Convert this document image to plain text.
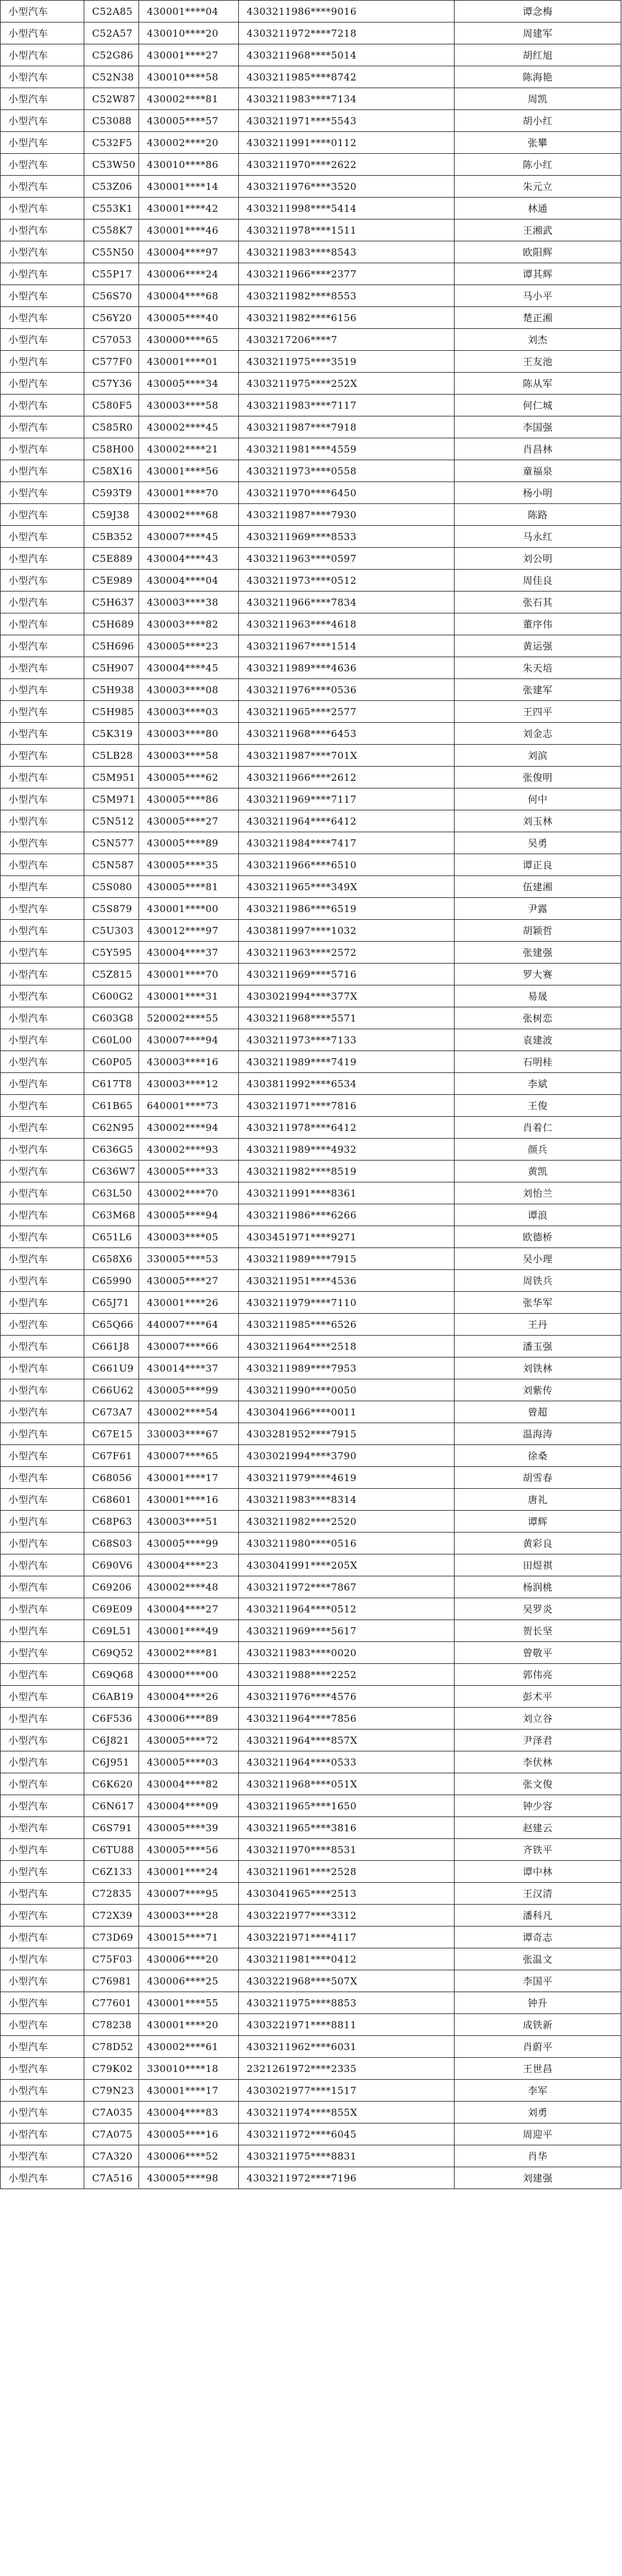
小型汽车	C52A85	430001****04	4303211986****9016	谭念梅
小型汽车	C52A57	430010****20	4303211972****7218	周建军
小型汽车	C52G86	430001****27	4303211968****5014	胡红旭
小型汽车	C52N38	430010****58	4303211985****8742	陈海艳
小型汽车	C52W87	430002****81	4303211983****7134	周凯
小型汽车	C53088	430005****57	4303211971****5543	胡小红
小型汽车	C532F5	430002****20	4303211991****0112	张攀
小型汽车	C53W50	430010****86	4303211970****2622	陈小红
小型汽车	C53Z06	430001****14	4303211976****3520	朱元立
小型汽车	C553K1	430001****42	4303211998****5414	林通
小型汽车	C558K7	430001****46	4303211978****1511	王湘武
小型汽车	C55N50	430004****97	4303211983****8543	欧阳辉
小型汽车	C55P17	430006****24	4303211966****2377	谭其辉
小型汽车	C56S70	430004****68	4303211982****8553	马小平
小型汽车	C56Y20	430005****40	4303211982****6156	楚正湘
小型汽车	C57053	430000****65	4303217206****7	刘杰
小型汽车	C577F0	430001****01	4303211975****3519	王友池
小型汽车	C57Y36	430005****34	4303211975****252X	陈从军
小型汽车	C580F5	430003****58	4303211983****7117	何仁城
小型汽车	C585R0	430002****45	4303211987****7918	李国强
小型汽车	C58H00	430002****21	4303211981****4559	肖昌林
小型汽车	C58X16	430001****56	4303211973****0558	童福泉
小型汽车	C593T9	430001****70	4303211970****6450	杨小明
小型汽车	C59J38	430002****68	4303211987****7930	陈路
小型汽车	C5B352	430007****45	4303211969****8533	马永红
小型汽车	C5E889	430004****43	4303211963****0597	刘公明
小型汽车	C5E989	430004****04	4303211973****0512	周佳良
小型汽车	C5H637	430003****38	4303211966****7834	张石其
小型汽车	C5H689	430003****82	4303211963****4618	董序伟
小型汽车	C5H696	430005****23	4303211967****1514	黄运强
小型汽车	C5H907	430004****45	4303211989****4636	朱天培
小型汽车	C5H938	430003****08	4303211976****0536	张建军
小型汽车	C5H985	430003****03	4303211965****2577	王四平
小型汽车	C5K319	430003****80	4303211968****6453	刘金志
小型汽车	C5LB28	430003****58	4303211987****701X	刘滨
小型汽车	C5M951	430005****62	4303211966****2612	张俊明
小型汽车	C5M971	430005****86	4303211969****7117	何中
小型汽车	C5N512	430005****27	4303211964****6412	刘玉林
小型汽车	C5N577	430005****89	4303211984****7417	吴勇
小型汽车	C5N587	430005****35	4303211966****6510	谭正良
小型汽车	C5S080	430005****81	4303211965****349X	伍建湘
小型汽车	C5S879	430001****00	4303211986****6519	尹露
小型汽车	C5U303	430012****97	4303811997****1032	胡颖哲
小型汽车	C5Y595	430004****37	4303211963****2572	张建强
小型汽车	C5Z815	430001****70	4303211969****5716	罗大赛
小型汽车	C600G2	430001****31	4303021994****377X	易晟
小型汽车	C603G8	520002****55	4303211968****5571	张树恋
小型汽车	C60L00	430007****94	4303211973****7133	袁建波
小型汽车	C60P05	430003****16	4303211989****7419	石明桂
小型汽车	C617T8	430003****12	4303811992****6534	李斌
小型汽车	C61B65	640001****73	4303211971****7816	王俊
小型汽车	C62N95	430002****94	4303211978****6412	肖着仁
小型汽车	C636G5	430002****93	4303211989****4932	颜兵
小型汽车	C636W7	430005****33	4303211982****8519	黄凯
小型汽车	C63L50	430002****70	4303211991****8361	刘怡兰
小型汽车	C63M68	430005****94	4303211986****6266	谭浪
小型汽车	C651L6	430003****05	4303451971****9271	欧德桥
小型汽车	C658X6	330005****53	4303211989****7915	吴小理
小型汽车	C65990	430005****27	4303211951****4536	周铁兵
小型汽车	C65J71	430001****26	4303211979****7110	张华军
小型汽车	C65Q66	440007****64	4303211985****6526	王丹
小型汽车	C661J8	430007****66	4303211964****2518	潘玉强
小型汽车	C661U9	430014****37	4303211989****7953	刘铁林
小型汽车	C66U62	430005****99	4303211990****0050	刘紫传
小型汽车	C673A7	430002****54	4303041966****0011	曾超
小型汽车	C67E15	330003****67	4303281952****7915	温海涛
小型汽车	C67F61	430007****65	4303021994****3790	徐桑
小型汽车	C68056	430001****17	4303211979****4619	胡雪春
小型汽车	C68601	430001****16	4303211983****8314	唐礼
小型汽车	C68P63	430003****51	4303211982****2520	谭辉
小型汽车	C68S03	430005****99	4303211980****0516	黄彩良
小型汽车	C690V6	430004****23	4303041991****205X	田煜祺
小型汽车	C69206	430002****48	4303211972****7867	杨润桃
小型汽车	C69E09	430004****27	4303211964****0512	吴罗炎
小型汽车	C69L51	430001****49	4303211969****5617	贺长坚
小型汽车	C69Q52	430002****81	4303211983****0020	曾敬平
小型汽车	C69Q68	430000****00	4303211988****2252	郭伟亮
小型汽车	C6AB19	430004****26	4303211976****4576	彭术平
小型汽车	C6F536	430006****89	4303211964****7856	刘立谷
小型汽车	C6J821	430005****72	4303211964****857X	尹泽君
小型汽车	C6J951	430005****03	4303211964****0533	李伏林
小型汽车	C6K620	430004****82	4303211968****051X	张文俊
小型汽车	C6N617	430004****09	4303211965****1650	钟少容
小型汽车	C6S791	430005****39	4303211965****3816	赵建云
小型汽车	C6TU88	430005****56	4303211970****8531	齐铁平
小型汽车	C6Z133	430001****24	4303211961****2528	谭中林
小型汽车	C72835	430007****95	4303041965****2513	王汉清
小型汽车	C72X39	430003****28	4303221977****3312	潘科凡
小型汽车	C73D69	430015****71	4303221971****4117	谭奇志
小型汽车	C75F03	430006****20	4303211981****0412	张温文
小型汽车	C76981	430006****25	4303221968****507X	李国平
小型汽车	C77601	430001****55	4303211975****8853	钟升
小型汽车	C78238	430001****20	4303221971****8811	成铁新
小型汽车	C78D52	430002****61	4303211962****6031	肖蔚平
小型汽车	C79K02	330010****18	2321261972****2335	王世昌
小型汽车	C79N23	430001****17	4303021977****1517	李军
小型汽车	C7A035	430004****83	4303211974****855X	刘勇
小型汽车	C7A075	430005****16	4303211972****6045	周迎平
小型汽车	C7A320	430006****52	4303211975****8831	肖华
小型汽车	C7A516	430005****98	4303211972****7196	刘建强
